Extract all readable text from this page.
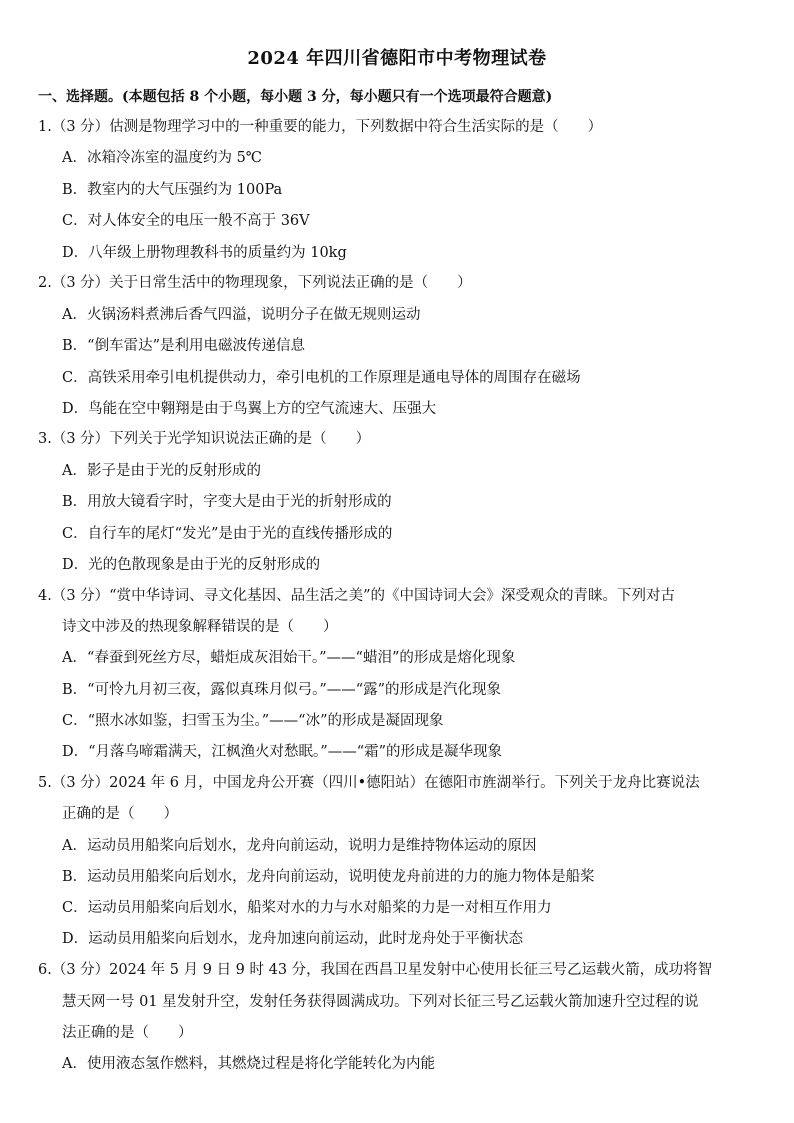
2024 年四川省德阳市中考物理试卷
一、选择题。(本题包括 8 个小题，每小题 3 分，每小题只有一个选项最符合题意)
1.（3 分）估测是物理学习中的一种重要的能力，下列数据中符合生活实际的是（　　）
A．冰箱冷冻室的温度约为 5℃
B．教室内的大气压强约为 100Pa
C．对人体安全的电压一般不高于 36V
D．八年级上册物理教科书的质量约为 10kg
2.（3 分）关于日常生活中的物理现象，下列说法正确的是（　　）
A．火锅汤料煮沸后香气四溢，说明分子在做无规则运动
B．“倒车雷达”是利用电磁波传递信息
C．高铁采用牵引电机提供动力，牵引电机的工作原理是通电导体的周围存在磁场
D．鸟能在空中翱翔是由于鸟翼上方的空气流速大、压强大
3.（3 分）下列关于光学知识说法正确的是（　　）
A．影子是由于光的反射形成的
B．用放大镜看字时，字变大是由于光的折射形成的
C．自行车的尾灯“发光”是由于光的直线传播形成的
D．光的色散现象是由于光的反射形成的
4.（3 分）“赏中华诗词、寻文化基因、品生活之美”的《中国诗词大会》深受观众的青睐。下列对古
诗文中涉及的热现象解释错误的是（　　）
A．“春蚕到死丝方尽，蜡炬成灰泪始干。”——“蜡泪”的形成是熔化现象
B．“可怜九月初三夜，露似真珠月似弓。”——“露”的形成是汽化现象
C．“照水冰如鉴，扫雪玉为尘。”——“冰”的形成是凝固现象
D．“月落乌啼霜满天，江枫渔火对愁眠。”——“霜”的形成是凝华现象
5.（3 分）2024 年 6 月，中国龙舟公开赛（四川•德阳站）在德阳市旌湖举行。下列关于龙舟比赛说法
正确的是（　　）
A．运动员用船桨向后划水，龙舟向前运动，说明力是维持物体运动的原因
B．运动员用船桨向后划水，龙舟向前运动，说明使龙舟前进的力的施力物体是船桨
C．运动员用船桨向后划水，船桨对水的力与水对船桨的力是一对相互作用力
D．运动员用船桨向后划水，龙舟加速向前运动，此时龙舟处于平衡状态
6.（3 分）2024 年 5 月 9 日 9 时 43 分，我国在西昌卫星发射中心使用长征三号乙运载火箭，成功将智
慧天网一号 01 星发射升空，发射任务获得圆满成功。下列对长征三号乙运载火箭加速升空过程的说
法正确的是（　　）
A．使用液态氢作燃料，其燃烧过程是将化学能转化为内能
